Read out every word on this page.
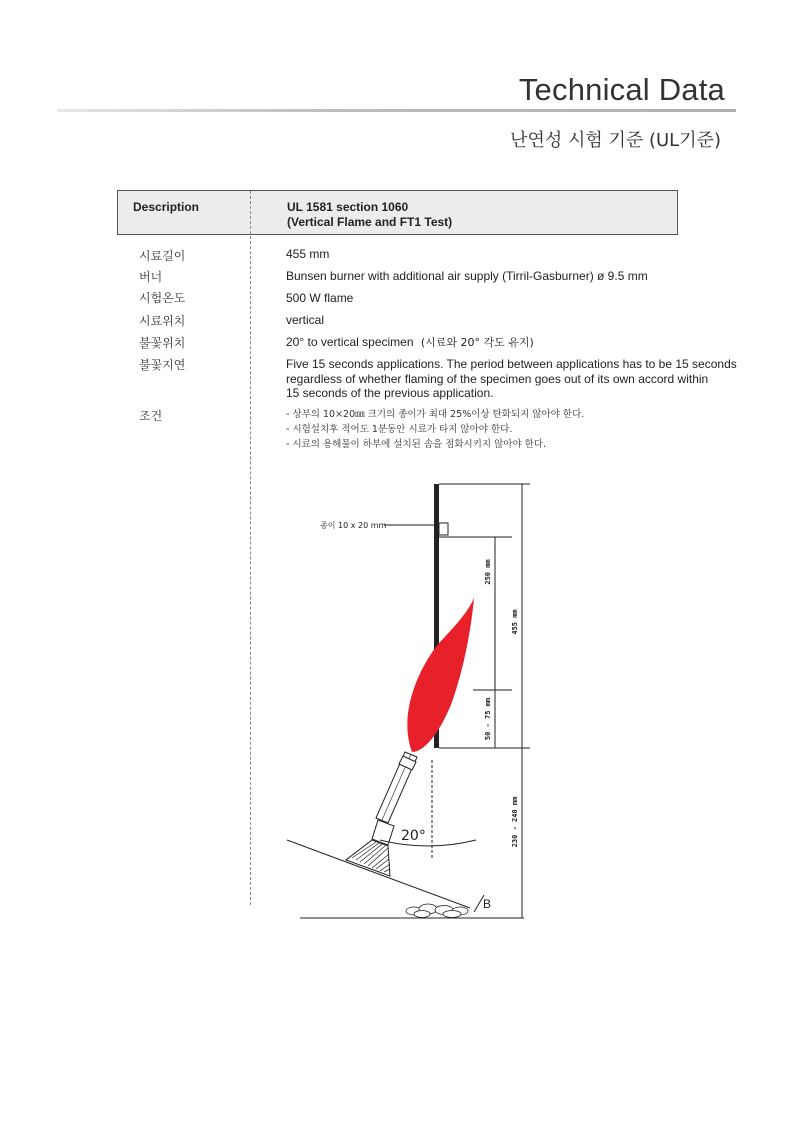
Technical Data
난연성 시험 기준 (UL기준)
Description	UL 1581 section 1060
(Vertical Flame and FT1 Test)
시료길이	455 mm
버너	Bunsen burner with additional air supply (Tirril-Gasburner) ø 9.5 mm
시험온도	500 W flame
시료위치	vertical
불꽃위치	20° to vertical specimen (시료와 20° 각도 유지)
불꽃지연	Five 15 seconds applications. The period between applications has to be 15 seconds
regardless of whether flaming of the specimen goes out of its own accord within
15 seconds of the previous application.
조건	- 상부의 10×20㎜ 크기의 종이가 최대 25%이상 탄화되지 않아야 한다.
- 시험설치후 적어도 1분동안 시료가 타지 않아야 한다.
- 시료의 용해물이 하부에 설치된 솜을 점화시키지 않아야 한다.
종이 10 x 20 mm
250 mm
50 - 75 mm
455 mm
230 - 240 mm
20°
B
